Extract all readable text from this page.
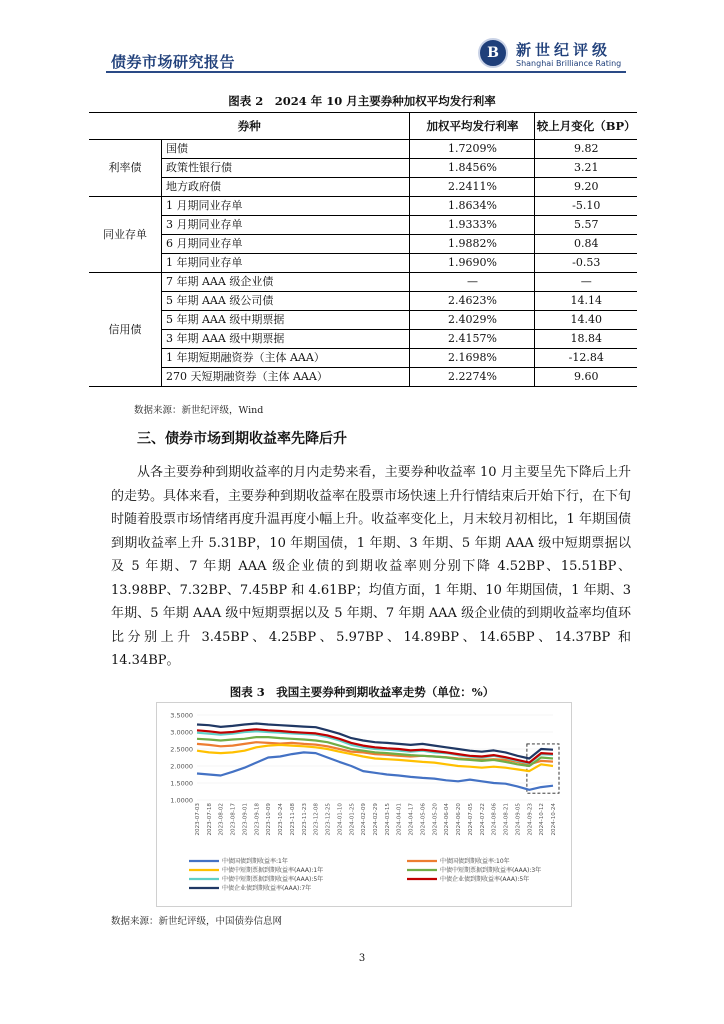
债券市场研究报告	B 新世纪评级
Shanghai Brilliance Rating
图表 2　2024 年 10 月主要券种加权平均发行利率
券种		加权平均发行利率	较上月变化（BP）
利率债	国债	1.7209%	9.82
	政策性银行债	1.8456%	3.21
	地方政府债	2.2411%	9.20
同业存单	1 月期同业存单	1.8634%	-5.10
	3 月期同业存单	1.9333%	5.57
	6 月期同业存单	1.9882%	0.84
	1 年期同业存单	1.9690%	-0.53
信用债	7 年期 AAA 级企业债	—	—
	5 年期 AAA 级公司债	2.4623%	14.14
	5 年期 AAA 级中期票据	2.4029%	14.40
	3 年期 AAA 级中期票据	2.4157%	18.84
	1 年期短期融资券（主体 AAA）	2.1698%	-12.84
	270 天短期融资券（主体 AAA）	2.2274%	9.60
数据来源：新世纪评级，Wind
三、债券市场到期收益率先降后升
从各主要券种到期收益率的月内走势来看，主要券种收益率 10 月主要呈先下降后上升的走势。具体来看，主要券种到期收益率在股票市场快速上升行情结束后开始下行，在下旬时随着股票市场情绪再度升温再度小幅上升。收益率变化上，月末较月初相比，1 年期国债到期收益率上升 5.31BP，10 年期国债，1 年期、3 年期、5 年期 AAA 级中短期票据以及 5 年期、7 年期 AAA 级企业债的到期收益率则分别下降 4.52BP、15.51BP、13.98BP、7.32BP、7.45BP 和 4.61BP；均值方面，1 年期、10 年期国债，1 年期、3 年期、5 年期 AAA 级中短期票据以及 5 年期、7 年期 AAA 级企业债的到期收益率均值环比分别上升 3.45BP、4.25BP、5.97BP、14.89BP、14.65BP、14.37BP 和 14.34BP。
图表 3　我国主要券种到期收益率走势（单位：%）
3.5000
3.0000
2.5000
2.0000
1.5000
1.0000
2023-07-03 2023-07-18 2023-08-02 2023-08-17 2023-09-01 2023-09-18 2023-10-09 2023-10-24 2023-11-08 2023-11-23 2023-12-08 2023-12-25 2024-01-10 2024-01-25 2024-02-09 2024-02-29 2024-03-15 2024-04-01 2024-04-17 2024-05-06 2024-05-20 2024-06-04 2024-06-20 2024-07-05 2024-07-22 2024-08-06 2024-08-21 2024-09-05 2024-09-23 2024-10-12 2024-10-24
中债国债到期收益率:1年	中债国债到期收益率:10年
中债中短期票据到期收益率(AAA):1年	中债中短期票据到期收益率(AAA):3年
中债中短期票据到期收益率(AAA):5年	中债企业债到期收益率(AAA):5年
中债企业债到期收益率(AAA):7年
数据来源：新世纪评级，中国债券信息网
3
